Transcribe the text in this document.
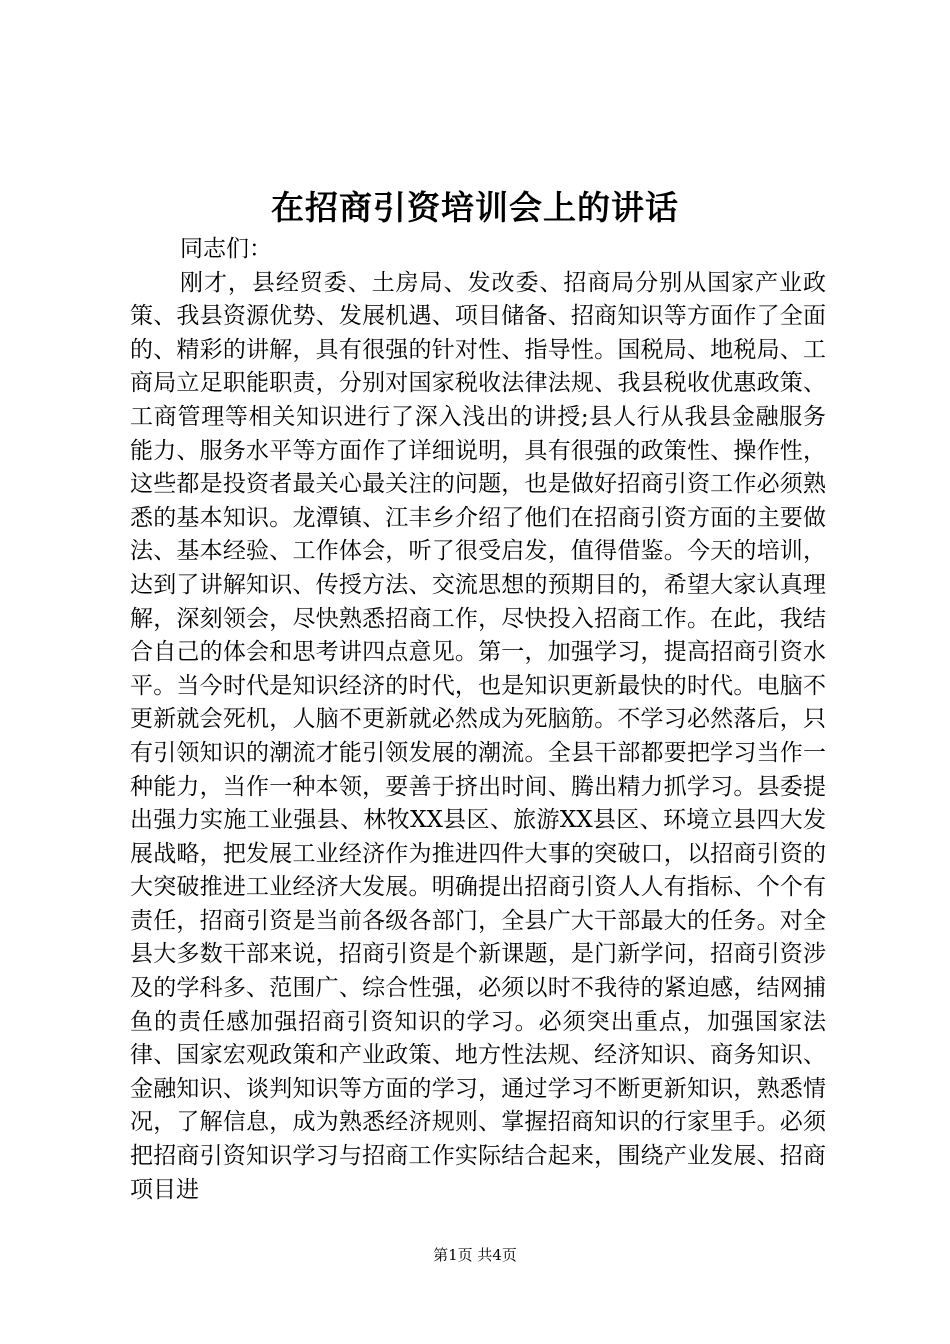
在招商引资培训会上的讲话

同志们：

刚才，县经贸委、土房局、发改委、招商局分别从国家产业政策、我县资源优势、发展机遇、项目储备、招商知识等方面作了全面的、精彩的讲解，具有很强的针对性、指导性。国税局、地税局、工商局立足职能职责，分别对国家税收法律法规、我县税收优惠政策、工商管理等相关知识进行了深入浅出的讲授;县人行从我县金融服务能力、服务水平等方面作了详细说明，具有很强的政策性、操作性，这些都是投资者最关心最关注的问题，也是做好招商引资工作必须熟悉的基本知识。龙潭镇、江丰乡介绍了他们在招商引资方面的主要做法、基本经验、工作体会，听了很受启发，值得借鉴。今天的培训，达到了讲解知识、传授方法、交流思想的预期目的，希望大家认真理解，深刻领会，尽快熟悉招商工作，尽快投入招商工作。在此，我结合自己的体会和思考讲四点意见。第一，加强学习，提高招商引资水平。当今时代是知识经济的时代，也是知识更新最快的时代。电脑不更新就会死机，人脑不更新就必然成为死脑筋。不学习必然落后，只有引领知识的潮流才能引领发展的潮流。全县干部都要把学习当作一种能力，当作一种本领，要善于挤出时间、腾出精力抓学习。县委提出强力实施工业强县、林牧XX县区、旅游XX县区、环境立县四大发展战略，把发展工业经济作为推进四件大事的突破口，以招商引资的大突破推进工业经济大发展。明确提出招商引资人人有指标、个个有责任，招商引资是当前各级各部门，全县广大干部最大的任务。对全县大多数干部来说，招商引资是个新课题，是门新学问，招商引资涉及的学科多、范围广、综合性强，必须以时不我待的紧迫感，结网捕鱼的责任感加强招商引资知识的学习。必须突出重点，加强国家法律、国家宏观政策和产业政策、地方性法规、经济知识、商务知识、金融知识、谈判知识等方面的学习，通过学习不断更新知识，熟悉情况，了解信息，成为熟悉经济规则、掌握招商知识的行家里手。必须把招商引资知识学习与招商工作实际结合起来，围绕产业发展、招商项目进

第1页 共4页
